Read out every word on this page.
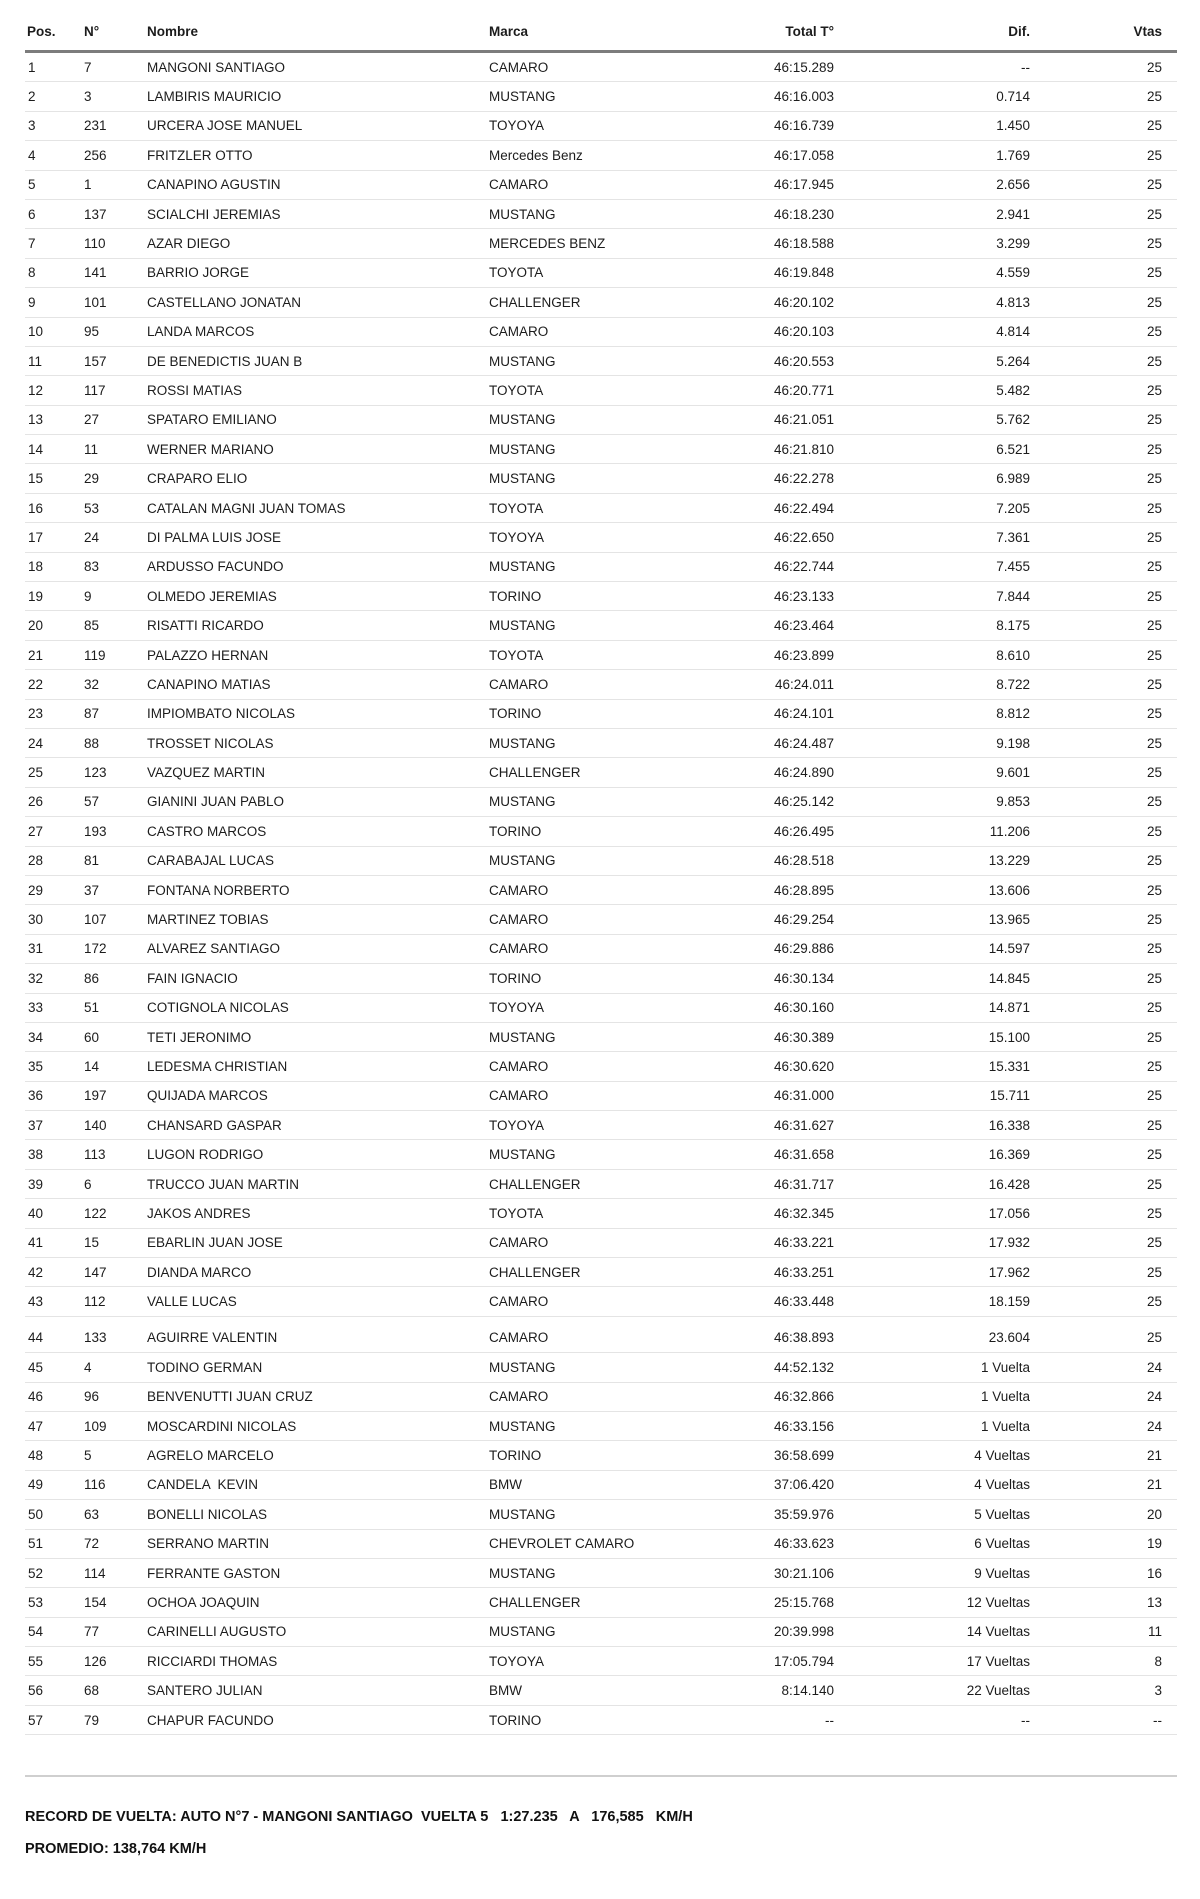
Pos.	N°	Nombre	Marca	Total T°	Dif.	Vtas
1	7	MANGONI SANTIAGO	CAMARO	46:15.289	--	25
2	3	LAMBIRIS MAURICIO	MUSTANG	46:16.003	0.714	25
3	231	URCERA JOSE MANUEL	TOYOYA	46:16.739	1.450	25
4	256	FRITZLER OTTO	Mercedes Benz	46:17.058	1.769	25
5	1	CANAPINO AGUSTIN	CAMARO	46:17.945	2.656	25
6	137	SCIALCHI JEREMIAS	MUSTANG	46:18.230	2.941	25
7	110	AZAR DIEGO	MERCEDES BENZ	46:18.588	3.299	25
8	141	BARRIO JORGE	TOYOTA	46:19.848	4.559	25
9	101	CASTELLANO JONATAN	CHALLENGER	46:20.102	4.813	25
10	95	LANDA MARCOS	CAMARO	46:20.103	4.814	25
11	157	DE BENEDICTIS JUAN B	MUSTANG	46:20.553	5.264	25
12	117	ROSSI MATIAS	TOYOTA	46:20.771	5.482	25
13	27	SPATARO EMILIANO	MUSTANG	46:21.051	5.762	25
14	11	WERNER MARIANO	MUSTANG	46:21.810	6.521	25
15	29	CRAPARO ELIO	MUSTANG	46:22.278	6.989	25
16	53	CATALAN MAGNI JUAN TOMAS	TOYOTA	46:22.494	7.205	25
17	24	DI PALMA LUIS JOSE	TOYOYA	46:22.650	7.361	25
18	83	ARDUSSO FACUNDO	MUSTANG	46:22.744	7.455	25
19	9	OLMEDO JEREMIAS	TORINO	46:23.133	7.844	25
20	85	RISATTI RICARDO	MUSTANG	46:23.464	8.175	25
21	119	PALAZZO HERNAN	TOYOTA	46:23.899	8.610	25
22	32	CANAPINO MATIAS	CAMARO	46:24.011	8.722	25
23	87	IMPIOMBATO NICOLAS	TORINO	46:24.101	8.812	25
24	88	TROSSET NICOLAS	MUSTANG	46:24.487	9.198	25
25	123	VAZQUEZ MARTIN	CHALLENGER	46:24.890	9.601	25
26	57	GIANINI JUAN PABLO	MUSTANG	46:25.142	9.853	25
27	193	CASTRO MARCOS	TORINO	46:26.495	11.206	25
28	81	CARABAJAL LUCAS	MUSTANG	46:28.518	13.229	25
29	37	FONTANA NORBERTO	CAMARO	46:28.895	13.606	25
30	107	MARTINEZ TOBIAS	CAMARO	46:29.254	13.965	25
31	172	ALVAREZ SANTIAGO	CAMARO	46:29.886	14.597	25
32	86	FAIN IGNACIO	TORINO	46:30.134	14.845	25
33	51	COTIGNOLA NICOLAS	TOYOYA	46:30.160	14.871	25
34	60	TETI JERONIMO	MUSTANG	46:30.389	15.100	25
35	14	LEDESMA CHRISTIAN	CAMARO	46:30.620	15.331	25
36	197	QUIJADA MARCOS	CAMARO	46:31.000	15.711	25
37	140	CHANSARD GASPAR	TOYOYA	46:31.627	16.338	25
38	113	LUGON RODRIGO	MUSTANG	46:31.658	16.369	25
39	6	TRUCCO JUAN MARTIN	CHALLENGER	46:31.717	16.428	25
40	122	JAKOS ANDRES	TOYOTA	46:32.345	17.056	25
41	15	EBARLIN JUAN JOSE	CAMARO	46:33.221	17.932	25
42	147	DIANDA MARCO	CHALLENGER	46:33.251	17.962	25
43	112	VALLE LUCAS	CAMARO	46:33.448	18.159	25
44	133	AGUIRRE VALENTIN	CAMARO	46:38.893	23.604	25
45	4	TODINO GERMAN	MUSTANG	44:52.132	1 Vuelta	24
46	96	BENVENUTTI JUAN CRUZ	CAMARO	46:32.866	1 Vuelta	24
47	109	MOSCARDINI NICOLAS	MUSTANG	46:33.156	1 Vuelta	24
48	5	AGRELO MARCELO	TORINO	36:58.699	4 Vueltas	21
49	116	CANDELA  KEVIN	BMW	37:06.420	4 Vueltas	21
50	63	BONELLI NICOLAS	MUSTANG	35:59.976	5 Vueltas	20
51	72	SERRANO MARTIN	CHEVROLET CAMARO	46:33.623	6 Vueltas	19
52	114	FERRANTE GASTON	MUSTANG	30:21.106	9 Vueltas	16
53	154	OCHOA JOAQUIN	CHALLENGER	25:15.768	12 Vueltas	13
54	77	CARINELLI AUGUSTO	MUSTANG	20:39.998	14 Vueltas	11
55	126	RICCIARDI THOMAS	TOYOYA	17:05.794	17 Vueltas	8
56	68	SANTERO JULIAN	BMW	8:14.140	22 Vueltas	3
57	79	CHAPUR FACUNDO	TORINO	--	--	--
RECORD DE VUELTA: AUTO N°7 - MANGONI SANTIAGO  VUELTA 5   1:27.235   A   176,585   KM/H
PROMEDIO: 138,764 KM/H
